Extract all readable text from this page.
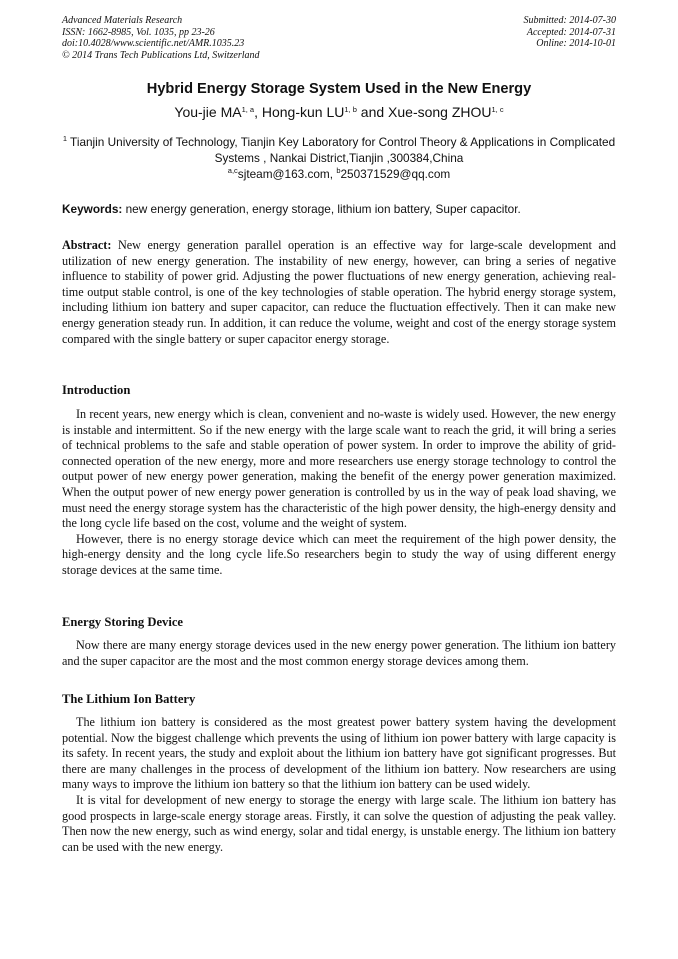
Advanced Materials Research
ISSN: 1662-8985, Vol. 1035, pp 23-26
doi:10.4028/www.scientific.net/AMR.1035.23
© 2014 Trans Tech Publications Ltd, Switzerland
Submitted: 2014-07-30
Accepted: 2014-07-31
Online: 2014-10-01
Hybrid Energy Storage System Used in the New Energy
You-jie MA$^{1, a}$, Hong-kun LU$^{1, b}$ and Xue-song ZHOU$^{1, c}$
$^1$ Tianjin University of Technology, Tianjin Key Laboratory for Control Theory & Applications in Complicated Systems , Nankai District,Tianjin ,300384,China
$^{a,c}$sjteam@163.com, $^b$250371529@qq.com
Keywords: new energy generation, energy storage, lithium ion battery, Super capacitor.

Abstract: New energy generation parallel operation is an effective way for large-scale development and utilization of new energy generation. The instability of new energy, however, can bring a series of negative influence to stability of power grid. Adjusting the power fluctuations of new energy generation, achieving real-time output stable control, is one of the key technologies of stable operation. The hybrid energy storage system, including lithium ion battery and super capacitor, can reduce the fluctuation effectively. Then it can make new energy generation steady run. In addition, it can reduce the volume, weight and cost of the energy storage system compared with the single battery or super capacitor energy storage.

Introduction

In recent years, new energy which is clean, convenient and no-waste is widely used. However, the new energy is instable and intermittent. So if the new energy with the large scale want to reach the grid, it will bring a series of technical problems to the safe and stable operation of power system. In order to improve the ability of grid-connected operation of the new energy, more and more researchers use energy storage technology to control the output power of new energy power generation, making the benefit of the energy power generation maximized. When the output power of new energy power generation is controlled by us in the way of peak load shaving, we must need the energy storage system has the characteristic of the high power density, the high-energy density and the long cycle life based on the cost, volume and the weight of system.

However, there is no energy storage device which can meet the requirement of the high power density, the high-energy density and the long cycle life.So researchers begin to study the way of using different energy storage devices at the same time.

Energy Storing Device

Now there are many energy storage devices used in the new energy power generation. The lithium ion battery and the super capacitor are the most and the most common energy storage devices among them.

The Lithium Ion Battery

The lithium ion battery is considered as the most greatest power battery system having the development potential. Now the biggest challenge which prevents the using of lithium ion power battery with large capacity is its safety. In recent years, the study and exploit about the lithium ion battery have got significant progresses. But there are many challenges in the process of development of the lithium ion battery. Now researchers are using many ways to improve the lithium ion battery so that the lithium ion battery can be used widely.

It is vital for development of new energy to storage the energy with large scale. The lithium ion battery has good prospects in large-scale energy storage areas. Firstly, it can solve the question of adjusting the peak valley. Then now the new energy, such as wind energy, solar and tidal energy, is unstable energy. The lithium ion battery can be used with the new energy.
